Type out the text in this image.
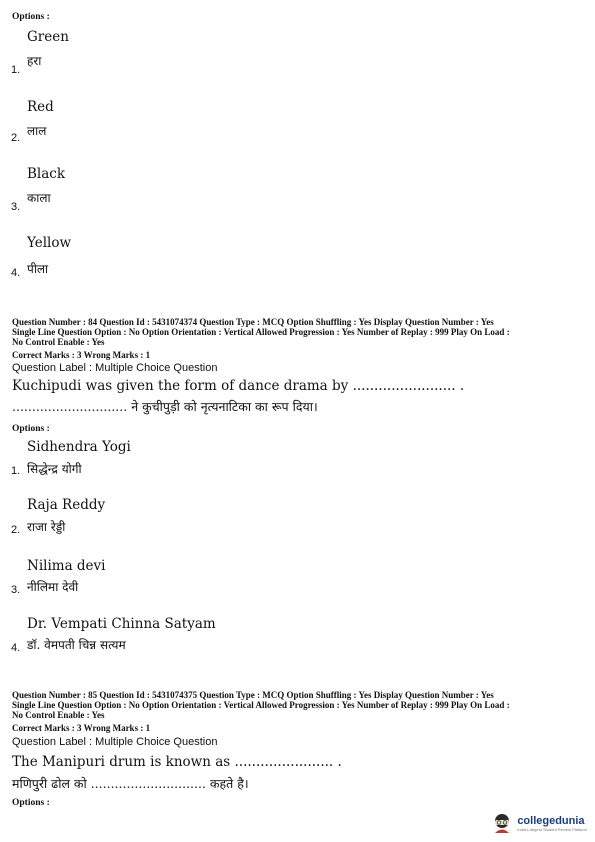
Options :
Green
हरा
1.
Red
लाल
2.
Black
काला
3.
Yellow
पीला
4.
Question Number : 84 Question Id : 5431074374 Question Type : MCQ Option Shuffling : Yes Display Question Number : Yes
Single Line Question Option : No Option Orientation : Vertical Allowed Progression : Yes Number of Replay : 999 Play On Load :
No Control Enable : Yes
Correct Marks : 3 Wrong Marks : 1
Question Label : Multiple Choice Question
Kuchipudi was given the form of dance drama by ........................ .
............................. ने कुचीपुड़ी को नृत्यनाटिका का रूप दिया।
Options :
Sidhendra Yogi
सिद्धेन्द्र योगी
1.
Raja Reddy
राजा रेड्डी
2.
Nilima devi
नीलिमा देवी
3.
Dr. Vempati Chinna Satyam
डॉ. वेमपती चिन्न सत्यम
4.
Question Number : 85 Question Id : 5431074375 Question Type : MCQ Option Shuffling : Yes Display Question Number : Yes
Single Line Question Option : No Option Orientation : Vertical Allowed Progression : Yes Number of Replay : 999 Play On Load :
No Control Enable : Yes
Correct Marks : 3 Wrong Marks : 1
Question Label : Multiple Choice Question
The Manipuri drum is known as ....................... .
मणिपुरी ढोल को ............................. कहते है।
Options :
collegedunia
India's largest Student Review Platform
